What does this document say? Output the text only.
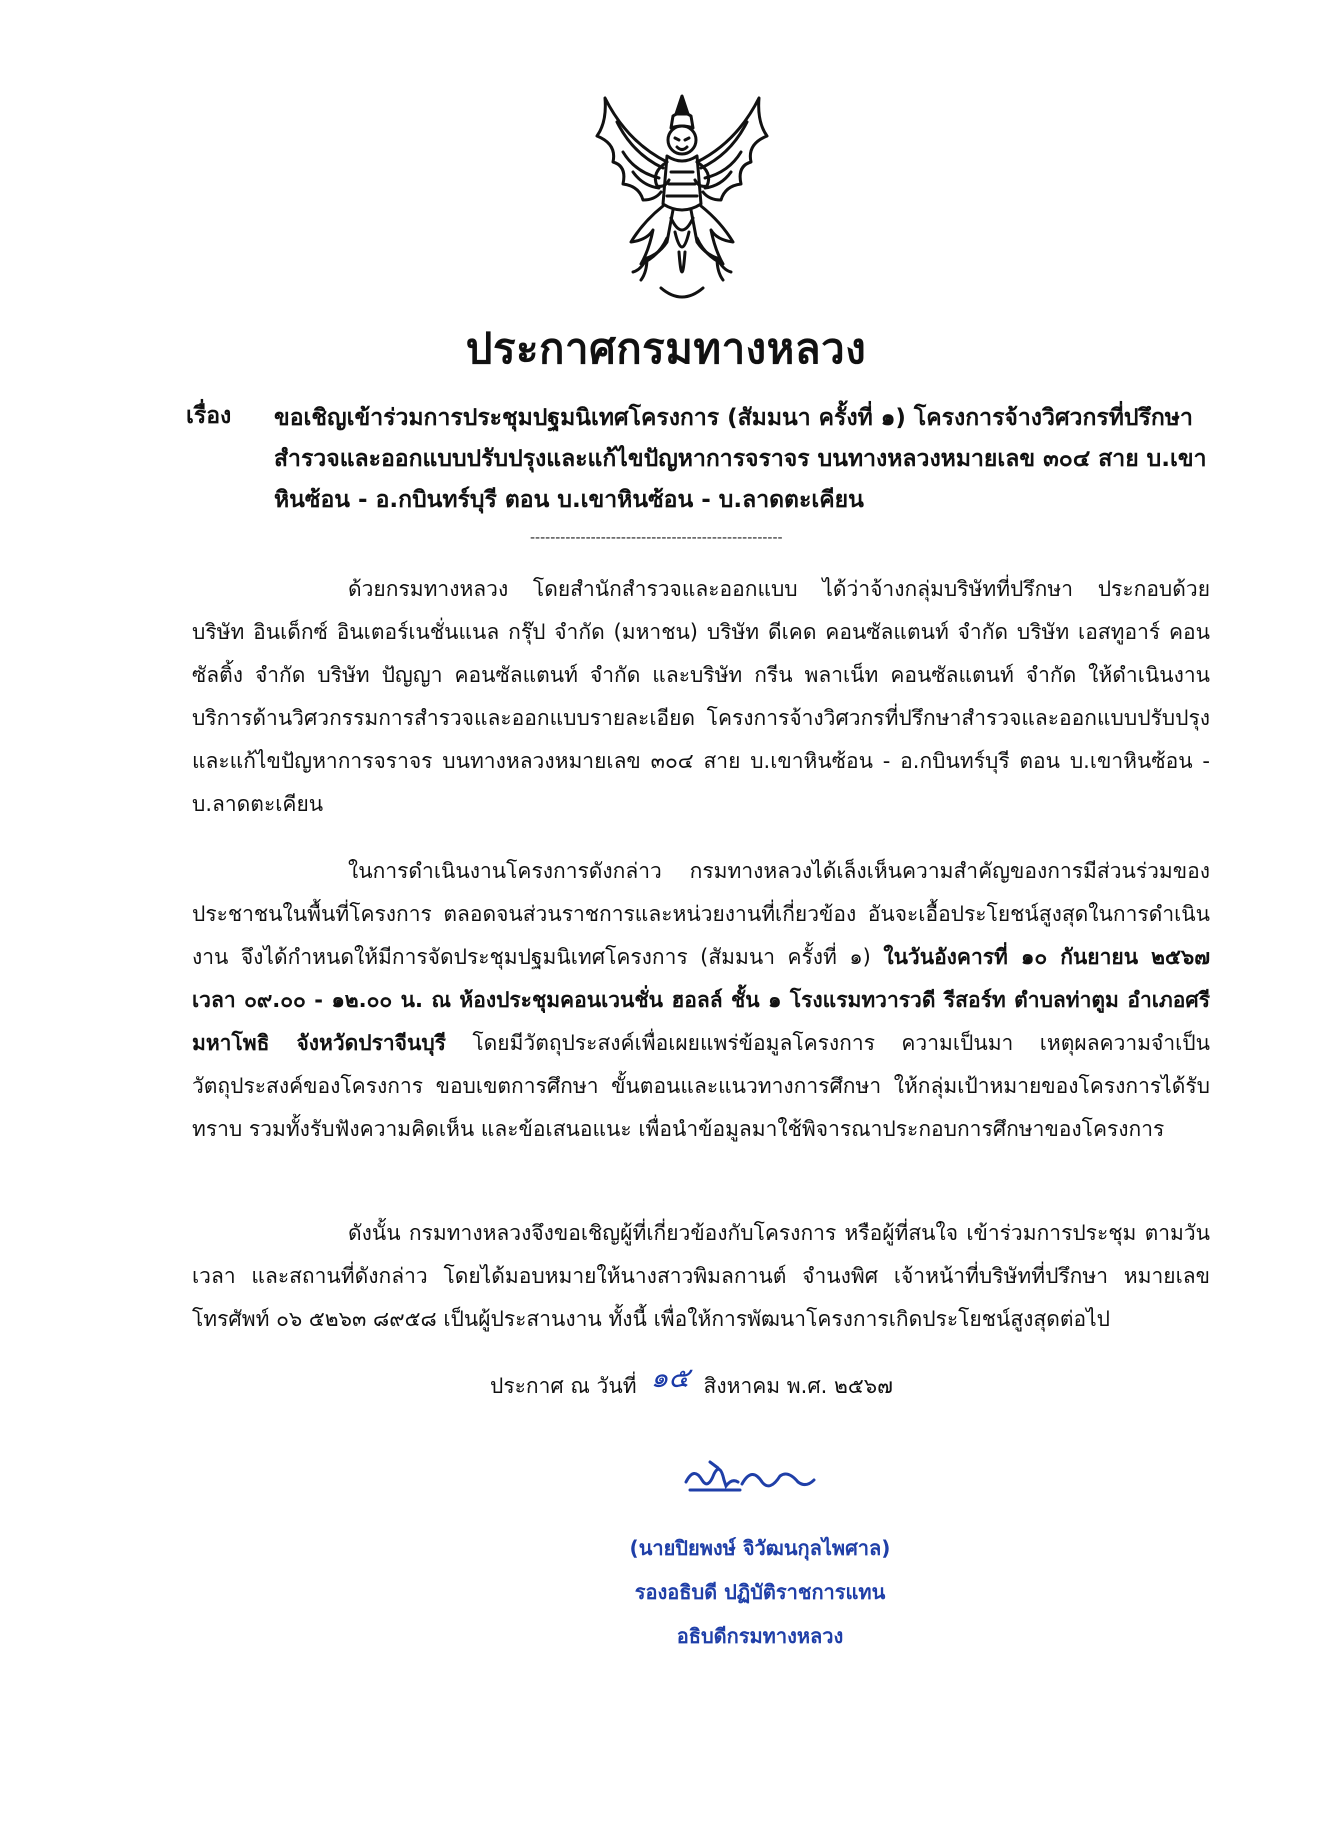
ประกาศกรมทางหลวง
เรื่อง ขอเชิญเข้าร่วมการประชุมปฐมนิเทศโครงการ (สัมมนา ครั้งที่ ๑) โครงการจ้างวิศวกรที่ปรึกษาสำรวจและออกแบบปรับปรุงและแก้ไขปัญหาการจราจร บนทางหลวงหมายเลข ๓๐๔ สาย บ.เขาหินซ้อน - อ.กบินทร์บุรี ตอน บ.เขาหินซ้อน - บ.ลาดตะเคียน
--------------------------------------------------
ด้วยกรมทางหลวง โดยสำนักสำรวจและออกแบบ ได้ว่าจ้างกลุ่มบริษัทที่ปรึกษา ประกอบด้วย บริษัท อินเด็กซ์ อินเตอร์เนชั่นแนล กรุ๊ป จำกัด (มหาชน) บริษัท ดีเคด คอนซัลแตนท์ จำกัด บริษัท เอสทูอาร์ คอนซัลติ้ง จำกัด บริษัท ปัญญา คอนซัลแตนท์ จำกัด และบริษัท กรีน พลาเน็ท คอนซัลแตนท์ จำกัด ให้ดำเนินงานบริการด้านวิศวกรรมการสำรวจและออกแบบรายละเอียด โครงการจ้างวิศวกรที่ปรึกษาสำรวจและออกแบบปรับปรุงและแก้ไขปัญหาการจราจร บนทางหลวงหมายเลข ๓๐๔ สาย บ.เขาหินซ้อน - อ.กบินทร์บุรี ตอน บ.เขาหินซ้อน - บ.ลาดตะเคียน
ในการดำเนินงานโครงการดังกล่าว กรมทางหลวงได้เล็งเห็นความสำคัญของการมีส่วนร่วมของประชาชนในพื้นที่โครงการ ตลอดจนส่วนราชการและหน่วยงานที่เกี่ยวข้อง อันจะเอื้อประโยชน์สูงสุดในการดำเนินงาน จึงได้กำหนดให้มีการจัดประชุมปฐมนิเทศโครงการ (สัมมนา ครั้งที่ ๑) ในวันอังคารที่ ๑๐ กันยายน ๒๕๖๗ เวลา ๐๙.๐๐ - ๑๒.๐๐ น. ณ ห้องประชุมคอนเวนชั่น ฮอลล์ ชั้น ๑ โรงแรมทวารวดี รีสอร์ท ตำบลท่าตูม อำเภอศรีมหาโพธิ จังหวัดปราจีนบุรี โดยมีวัตถุประสงค์เพื่อเผยแพร่ข้อมูลโครงการ ความเป็นมา เหตุผลความจำเป็น วัตถุประสงค์ของโครงการ ขอบเขตการศึกษา ขั้นตอนและแนวทางการศึกษา ให้กลุ่มเป้าหมายของโครงการได้รับทราบ รวมทั้งรับฟังความคิดเห็น และข้อเสนอแนะ เพื่อนำข้อมูลมาใช้พิจารณาประกอบการศึกษาของโครงการ
ดังนั้น กรมทางหลวงจึงขอเชิญผู้ที่เกี่ยวข้องกับโครงการ หรือผู้ที่สนใจ เข้าร่วมการประชุม ตามวัน เวลา และสถานที่ดังกล่าว โดยได้มอบหมายให้นางสาวพิมลกานต์ จำนงพิศ เจ้าหน้าที่บริษัทที่ปรึกษา หมายเลขโทรศัพท์ ๐๖ ๕๒๖๓ ๘๙๕๘ เป็นผู้ประสานงาน ทั้งนี้ เพื่อให้การพัฒนาโครงการเกิดประโยชน์สูงสุดต่อไป
ประกาศ ณ วันที่ ๑๕ สิงหาคม พ.ศ. ๒๕๖๗
(นายปิยพงษ์ จิวัฒนกุลไพศาล)
รองอธิบดี ปฏิบัติราชการแทน
อธิบดีกรมทางหลวง
